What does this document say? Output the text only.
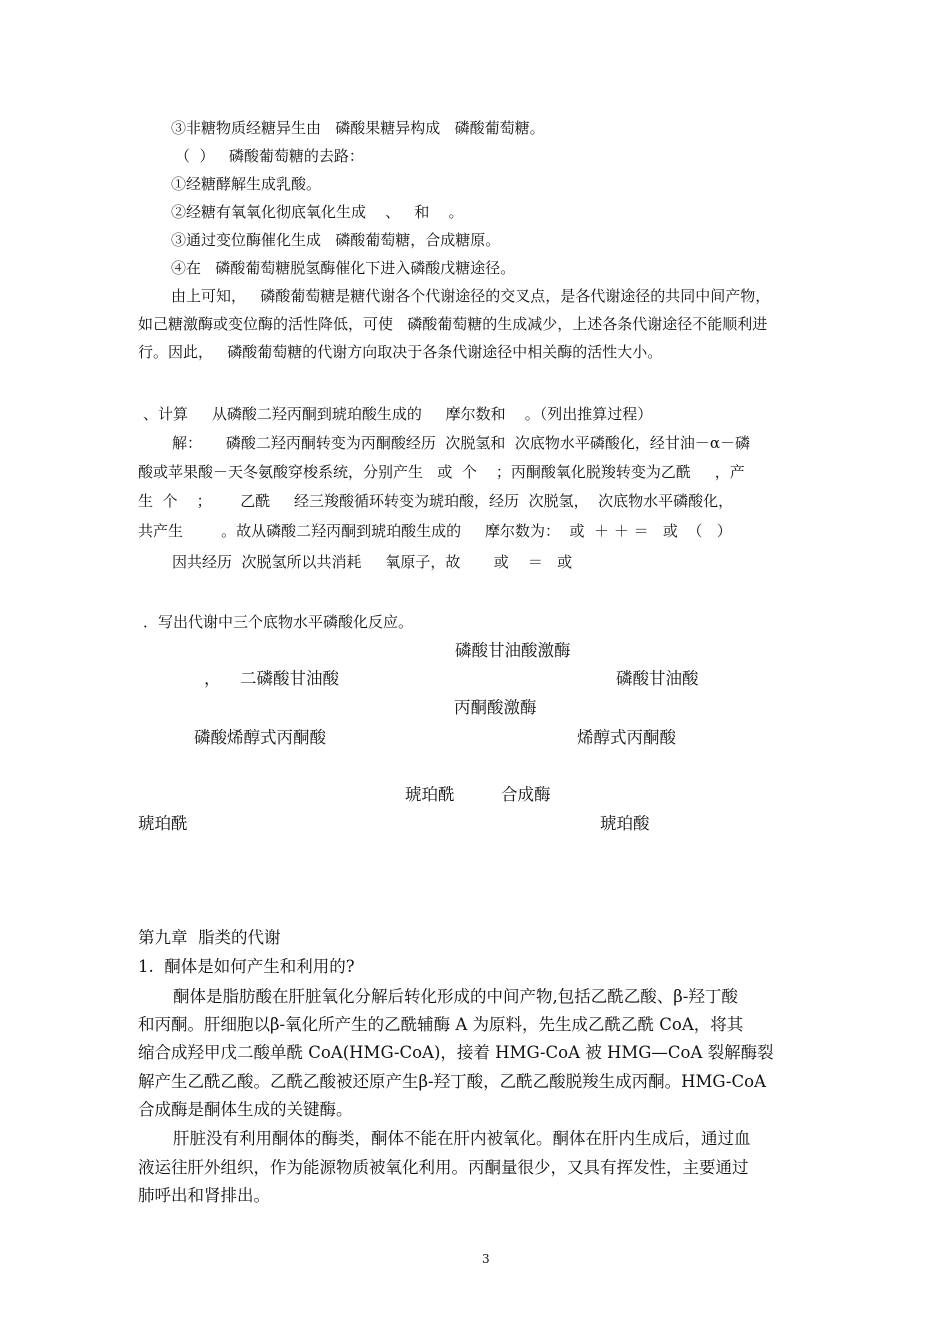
③非糖物质经糖异生由   磷酸果糖异构成   磷酸葡萄糖。
（  ）   磷酸葡萄糖的去路：
①经糖酵解生成乳酸。
②经糖有氧氧化彻底氧化生成    、   和    。
③通过变位酶催化生成   磷酸葡萄糖，合成糖原。
④在   磷酸葡萄糖脱氢酶催化下进入磷酸戊糖途径。
由上可知，   磷酸葡萄糖是糖代谢各个代谢途径的交叉点，是各代谢途径的共同中间产物，
如己糖激酶或变位酶的活性降低，可使   磷酸葡萄糖的生成减少，上述各条代谢途径不能顺利进
行。因此，   磷酸葡萄糖的代谢方向取决于各条代谢途径中相关酶的活性大小。
、计算     从磷酸二羟丙酮到琥珀酸生成的     摩尔数和    。（列出推算过程）
解：     磷酸二羟丙酮转变为丙酮酸经历  次脱氢和  次底物水平磷酸化，经甘油－α－磷
酸或苹果酸－天冬氨酸穿梭系统，分别产生   或  个    ；丙酮酸氧化脱羧转变为乙酰     ，产
生  个    ；      乙酰     经三羧酸循环转变为琥珀酸，经历  次脱氢，  次底物水平磷酸化，
共产生        。故从磷酸二羟丙酮到琥珀酸生成的     摩尔数为：  或  ＋ ＋ ＝   或  （   ）
因共经历  次脱氢所以共消耗     氧原子，故       或    ＝   或
．写出代谢中三个底物水平磷酸化反应。
磷酸甘油酸激酶
， 二磷酸甘油酸	磷酸甘油酸
丙酮酸激酶
磷酸烯醇式丙酮酸	烯醇式丙酮酸
琥珀酰	合成酶
琥珀酰	琥珀酸
第九章  脂类的代谢
1.  酮体是如何产生和利用的?
酮体是脂肪酸在肝脏氧化分解后转化形成的中间产物,包括乙酰乙酸、β-羟丁酸
和丙酮。肝细胞以β-氧化所产生的乙酰辅酶 A 为原料，先生成乙酰乙酰 CoA，将其
缩合成羟甲戊二酸单酰 CoA(HMG-CoA)，接着 HMG-CoA 被 HMG—CoA 裂解酶裂
解产生乙酰乙酸。乙酰乙酸被还原产生β-羟丁酸，乙酰乙酸脱羧生成丙酮。HMG-CoA
合成酶是酮体生成的关键酶。
肝脏没有利用酮体的酶类，酮体不能在肝内被氧化。酮体在肝内生成后，通过血
液运往肝外组织，作为能源物质被氧化利用。丙酮量很少，又具有挥发性，主要通过
肺呼出和肾排出。
3
